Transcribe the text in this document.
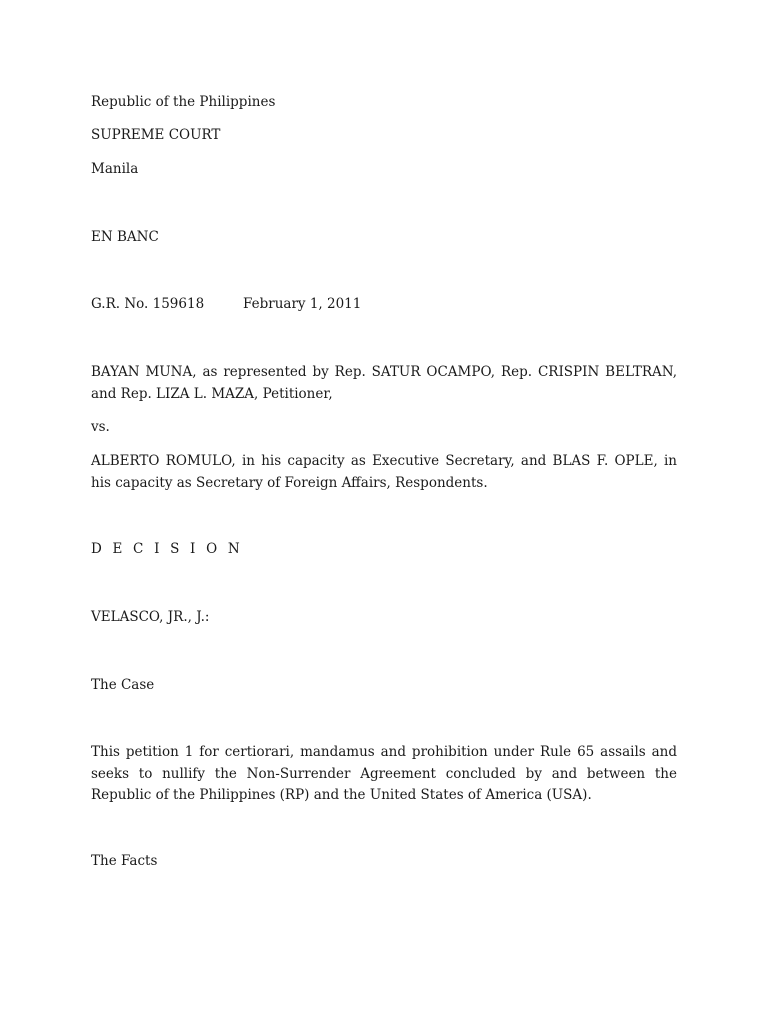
Republic of the Philippines
SUPREME COURT
Manila
EN BANC
G.R. No. 159618	February 1, 2011
BAYAN MUNA, as represented by Rep. SATUR OCAMPO, Rep. CRISPIN BELTRAN, and Rep. LIZA L. MAZA, Petitioner,
vs.
ALBERTO ROMULO, in his capacity as Executive Secretary, and BLAS F. OPLE, in his capacity as Secretary of Foreign Affairs, Respondents.
D E C I S I O N
VELASCO, JR., J.:
The Case
This petition 1 for certiorari, mandamus and prohibition under Rule 65 assails and seeks to nullify the Non-Surrender Agreement concluded by and between the Republic of the Philippines (RP) and the United States of America (USA).
The Facts
